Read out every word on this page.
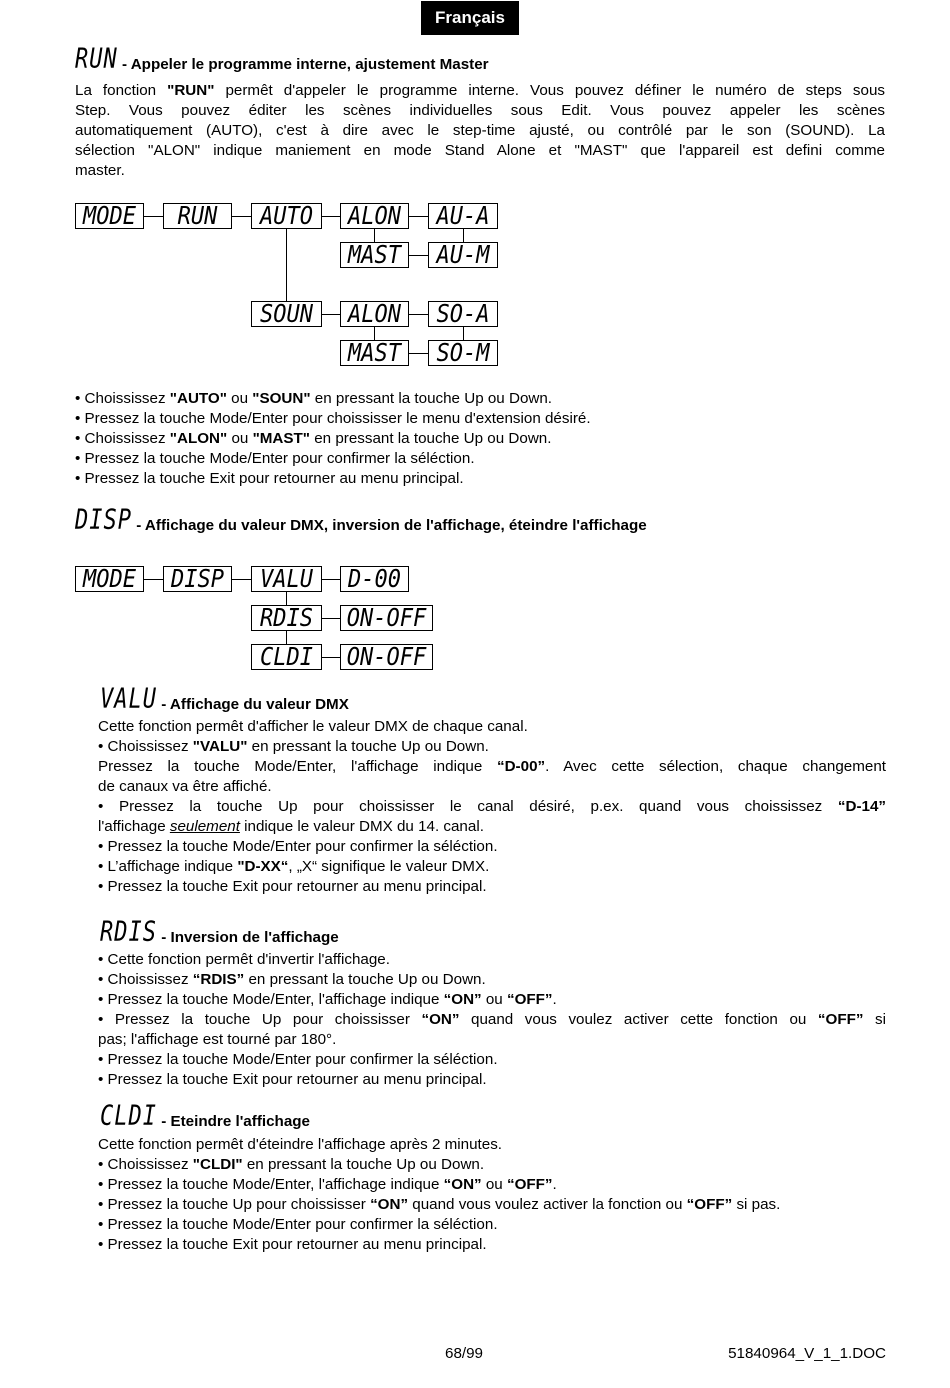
Français
RUN - Appeler le programme interne, ajustement Master
La fonction "RUN" permêt d'appeler le programme interne. Vous pouvez définer le numéro de steps sous
Step. Vous pouvez éditer les scènes individuelles sous Edit. Vous pouvez appeler les scènes
automatiquement (AUTO), c'est à dire avec le step-time ajusté, ou contrôlé par le son (SOUND). La
sélection "ALON" indique maniement en mode Stand Alone et "MAST" que l'appareil est defini comme
master.
MODE RUN AUTO ALON AU-A
MAST AU-M
SOUN ALON SO-A
MAST SO-M
• Choississez "AUTO" ou "SOUN" en pressant la touche Up ou Down.
• Pressez la touche Mode/Enter pour choississer le menu d'extension désiré.
• Choississez "ALON" ou "MAST" en pressant la touche Up ou Down.
• Pressez la touche Mode/Enter pour confirmer la séléction.
• Pressez la touche Exit pour retourner au menu principal.
DISP - Affichage du valeur DMX, inversion de l'affichage, éteindre l'affichage
MODE DISP VALU D-00
RDIS ON-OFF
CLDI ON-OFF
VALU - Affichage du valeur DMX
Cette fonction permêt d'afficher le valeur DMX de chaque canal.
• Choississez "VALU" en pressant la touche Up ou Down.
Pressez la touche Mode/Enter, l'affichage indique “D-00”. Avec cette sélection, chaque changement
de canaux va être affiché.
• Pressez la touche Up pour choississer le canal désiré, p.ex. quand vous choississez “D-14”
l'affichage seulement indique le valeur DMX du 14. canal.
• Pressez la touche Mode/Enter pour confirmer la séléction.
• L’affichage indique "D-XX“, „X“ signifique le valeur DMX.
• Pressez la touche Exit pour retourner au menu principal.
RDIS - Inversion de l'affichage
• Cette fonction permêt d'invertir l'affichage.
• Choississez “RDIS” en pressant la touche Up ou Down.
• Pressez la touche Mode/Enter, l'affichage indique “ON” ou “OFF”.
• Pressez la touche Up pour choississer “ON” quand vous voulez activer cette fonction ou “OFF” si
pas; l'affichage est tourné par 180°.
• Pressez la touche Mode/Enter pour confirmer la séléction.
• Pressez la touche Exit pour retourner au menu principal.
CLDI - Eteindre l'affichage
Cette fonction permêt d'éteindre l'affichage après 2 minutes.
• Choississez "CLDI" en pressant la touche Up ou Down.
• Pressez la touche Mode/Enter, l'affichage indique “ON” ou “OFF”.
• Pressez la touche Up pour choississer “ON” quand vous voulez activer la fonction ou “OFF” si pas.
• Pressez la touche Mode/Enter pour confirmer la séléction.
• Pressez la touche Exit pour retourner au menu principal.
68/99	51840964_V_1_1.DOC
